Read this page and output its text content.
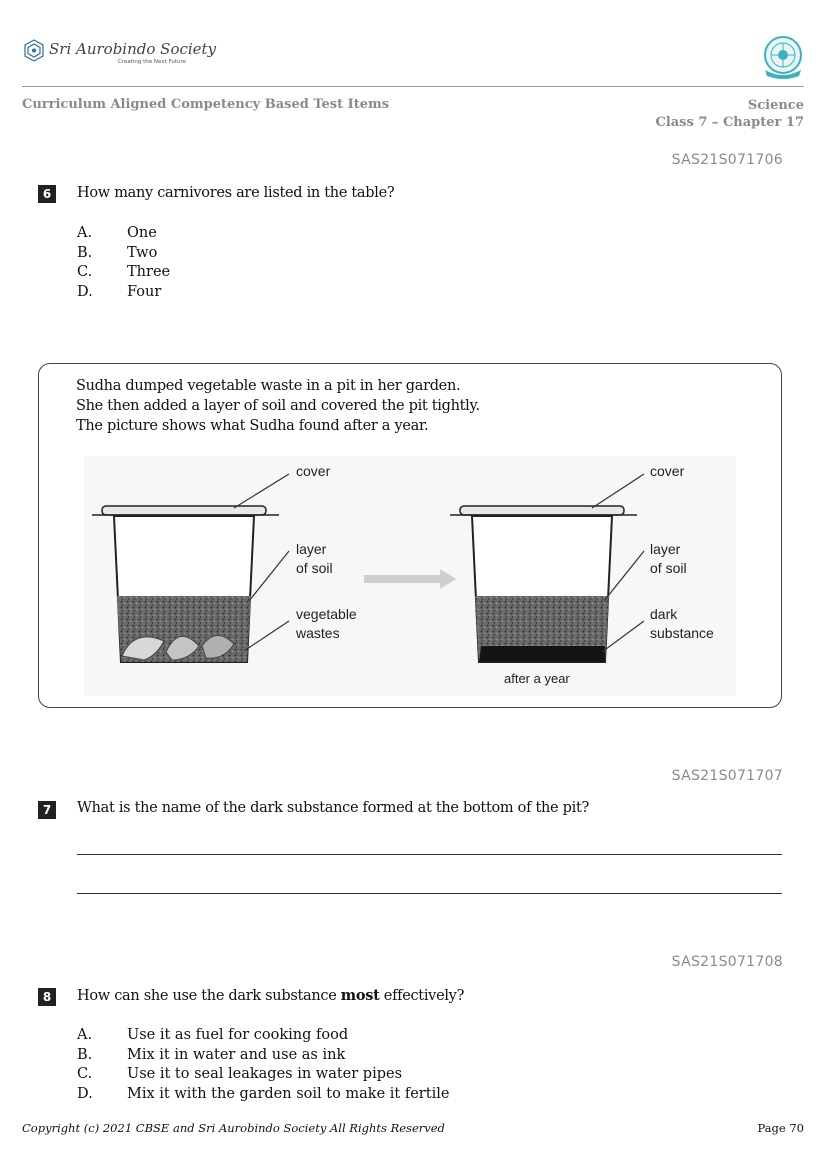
Sri Aurobindo Society
Creating the Next Future
Curriculum Aligned Competency Based Test Items	Science
Class 7 – Chapter 17
SAS21S071706
6	How many carnivores are listed in the table?
A.	One
B.	Two
C.	Three
D.	Four
Sudha dumped vegetable waste in a pit in her garden.
She then added a layer of soil and covered the pit tightly.
The picture shows what Sudha found after a year.
cover
layer
of soil
vegetable
wastes
cover
layer
of soil
dark
substance
after a year
SAS21S071707
7	What is the name of the dark substance formed at the bottom of the pit?
SAS21S071708
8	How can she use the dark substance most effectively?
A.	Use it as fuel for cooking food
B.	Mix it in water and use as ink
C.	Use it to seal leakages in water pipes
D.	Mix it with the garden soil to make it fertile
Copyright (c) 2021 CBSE and Sri Aurobindo Society All Rights Reserved	Page 70
